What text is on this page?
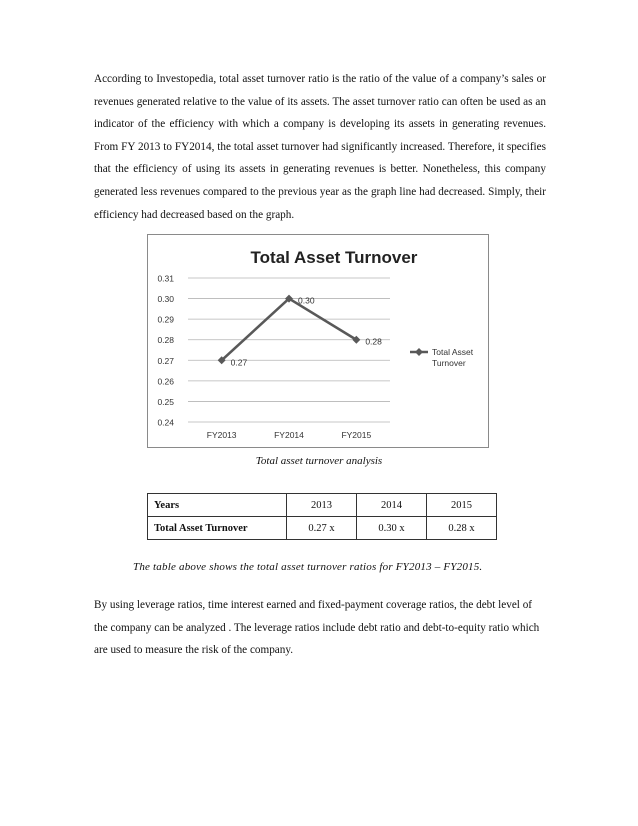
According to Investopedia, total asset turnover ratio is the ratio of the value of a company’s sales or revenues generated relative to the value of its assets. The asset turnover ratio can often be used as an indicator of the efficiency with which a company is developing its assets in generating revenues. From FY 2013 to FY2014, the total asset turnover had significantly increased. Therefore, it specifies that the efficiency of using its assets in generating revenues is better. Nonetheless, this company generated less revenues compared to the previous year as the graph line had decreased. Simply, their efficiency had decreased based on the graph.

Total Asset Turnover
0.24
0.25
0.26
0.27
0.28
0.29
0.30
0.31
FY2013	FY2014	FY2015
0.27
0.30
0.28
Total Asset Turnover
Total asset turnover analysis
Years	2013	2014	2015
Total Asset Turnover	0.27 x	0.30 x	0.28 x
The table above shows the total asset turnover ratios for FY2013 – FY2015.

By using leverage ratios, time interest earned and fixed-payment coverage ratios, the debt level of the company can be analyzed . The leverage ratios include debt ratio and debt-to-equity ratio which are used to measure the risk of the company.
